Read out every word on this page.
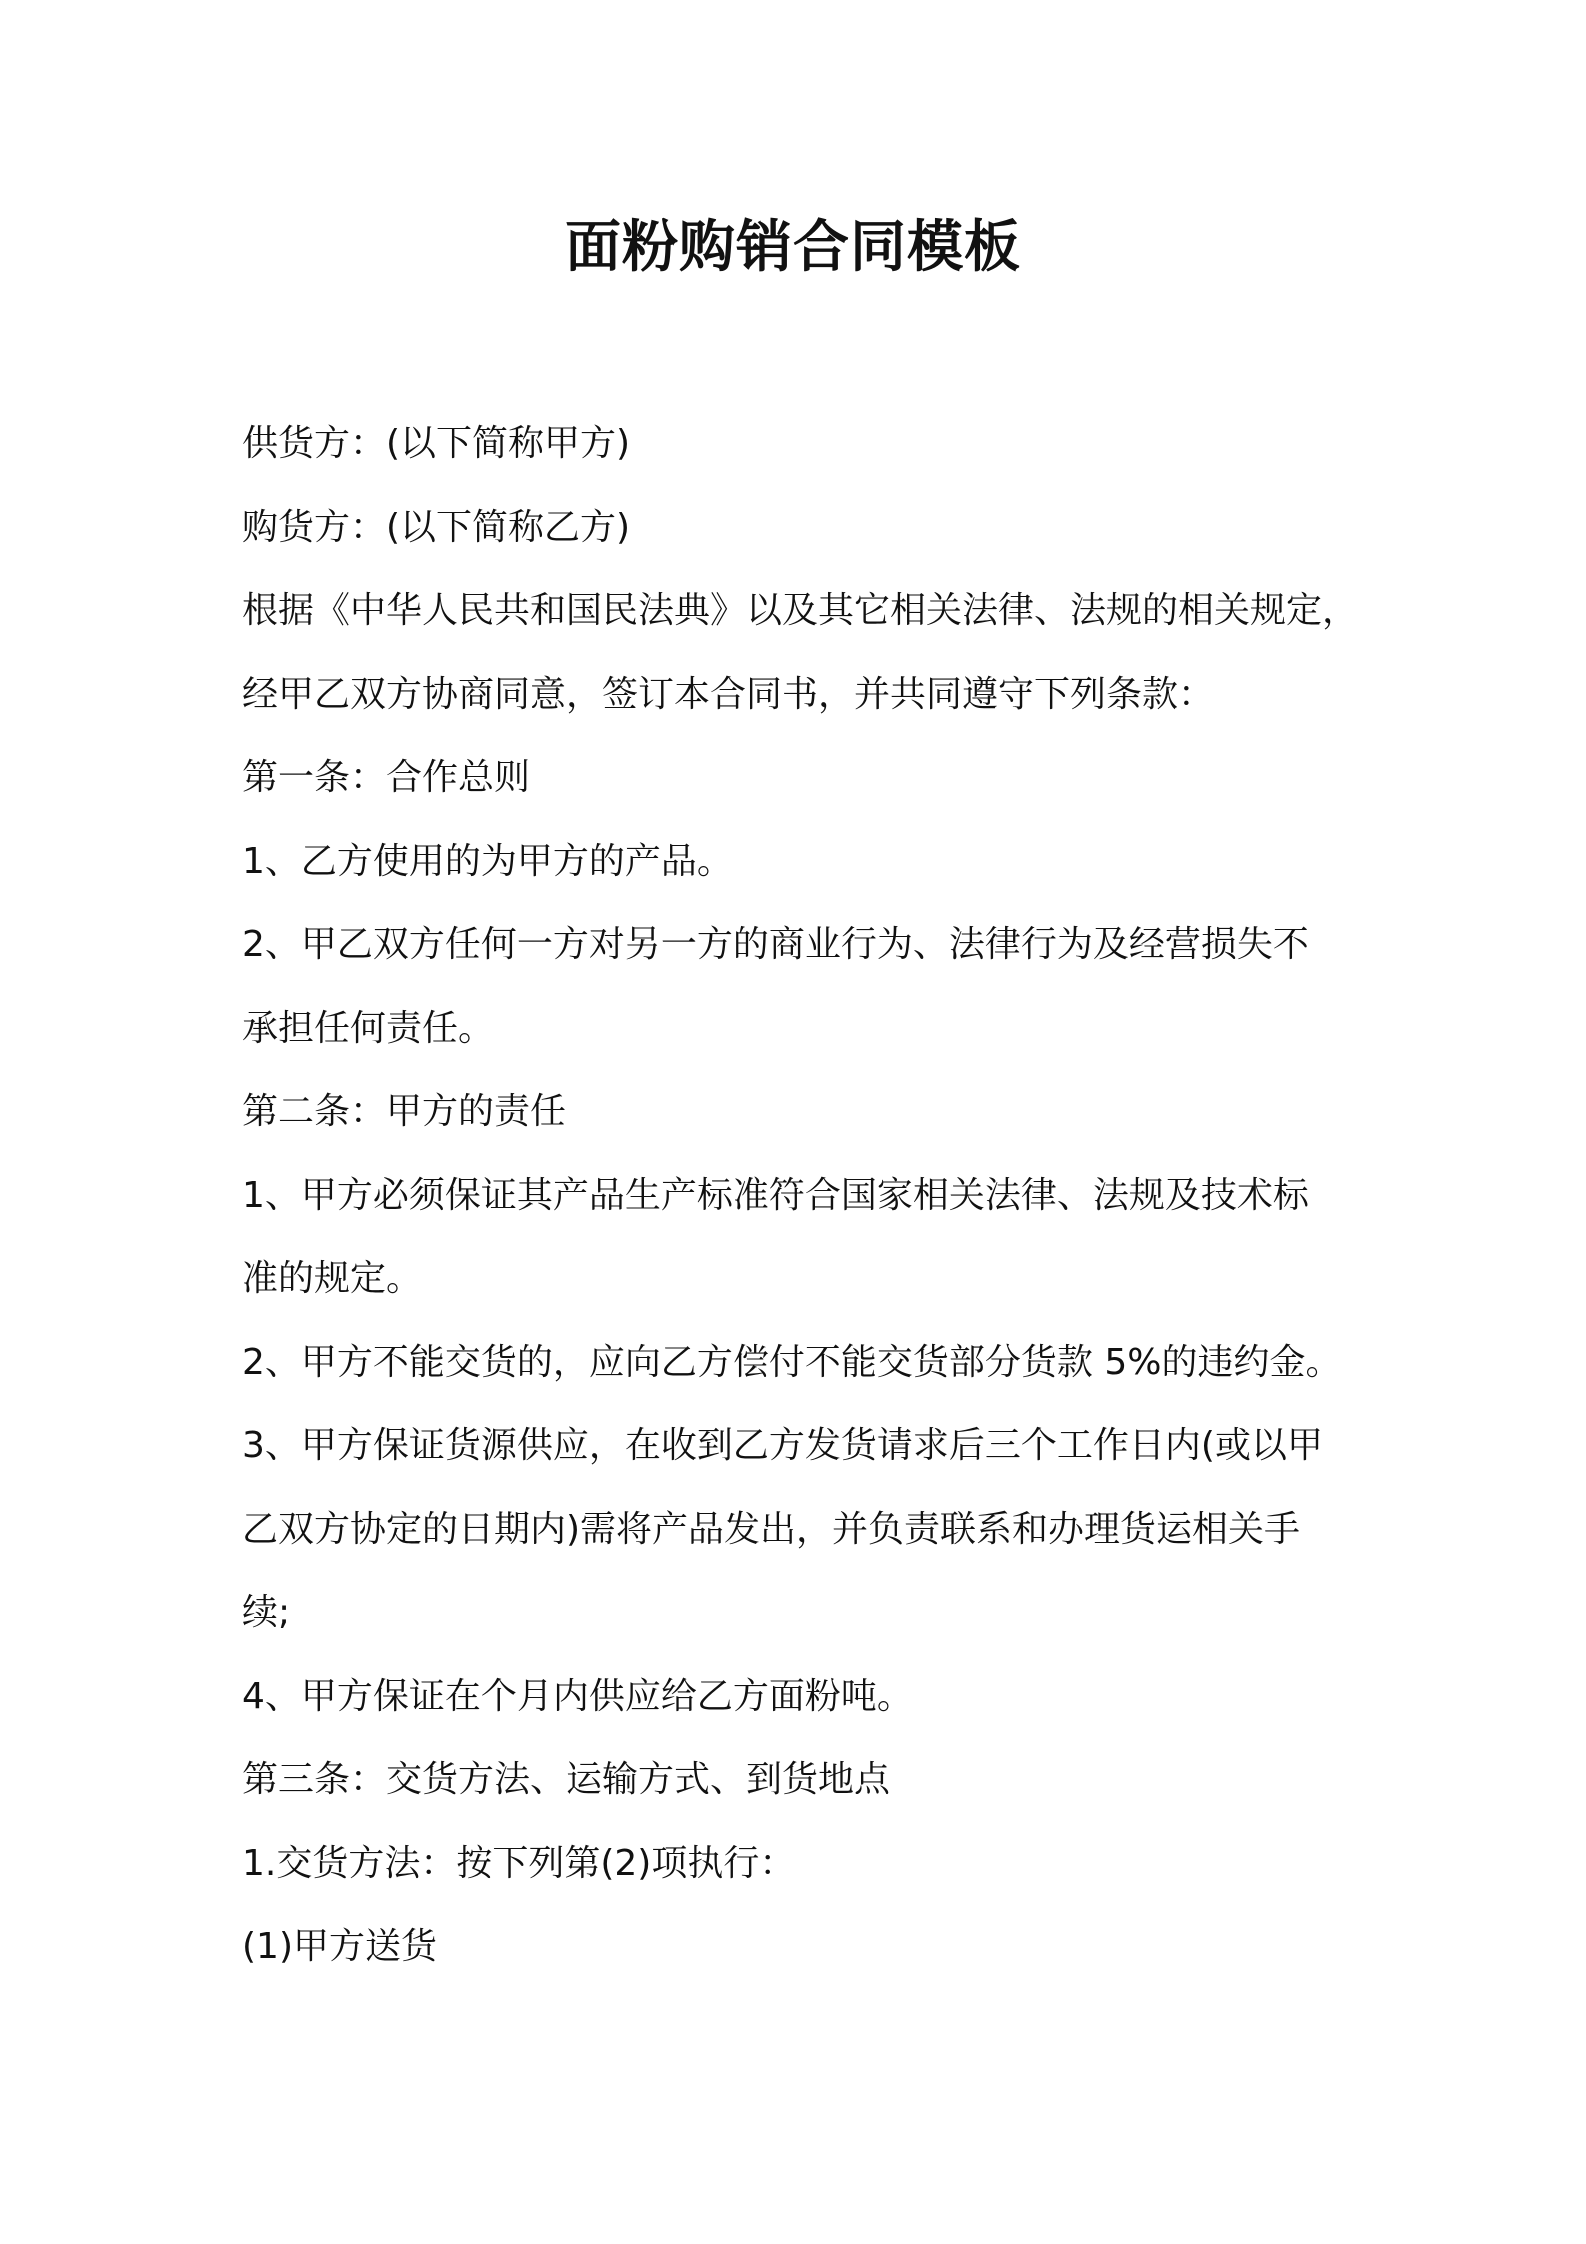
面粉购销合同模板
供货方：(以下简称甲方)
购货方：(以下简称乙方)
根据《中华人民共和国民法典》以及其它相关法律、法规的相关规定，
经甲乙双方协商同意，签订本合同书，并共同遵守下列条款：
第一条：合作总则
1、乙方使用的为甲方的产品。
2、甲乙双方任何一方对另一方的商业行为、法律行为及经营损失不
承担任何责任。
第二条：甲方的责任
1、甲方必须保证其产品生产标准符合国家相关法律、法规及技术标
准的规定。
2、甲方不能交货的，应向乙方偿付不能交货部分货款 5%的违约金。
3、甲方保证货源供应，在收到乙方发货请求后三个工作日内(或以甲
乙双方协定的日期内)需将产品发出，并负责联系和办理货运相关手
续;
4、甲方保证在个月内供应给乙方面粉吨。
第三条：交货方法、运输方式、到货地点
1.交货方法：按下列第(2)项执行：
(1)甲方送货
